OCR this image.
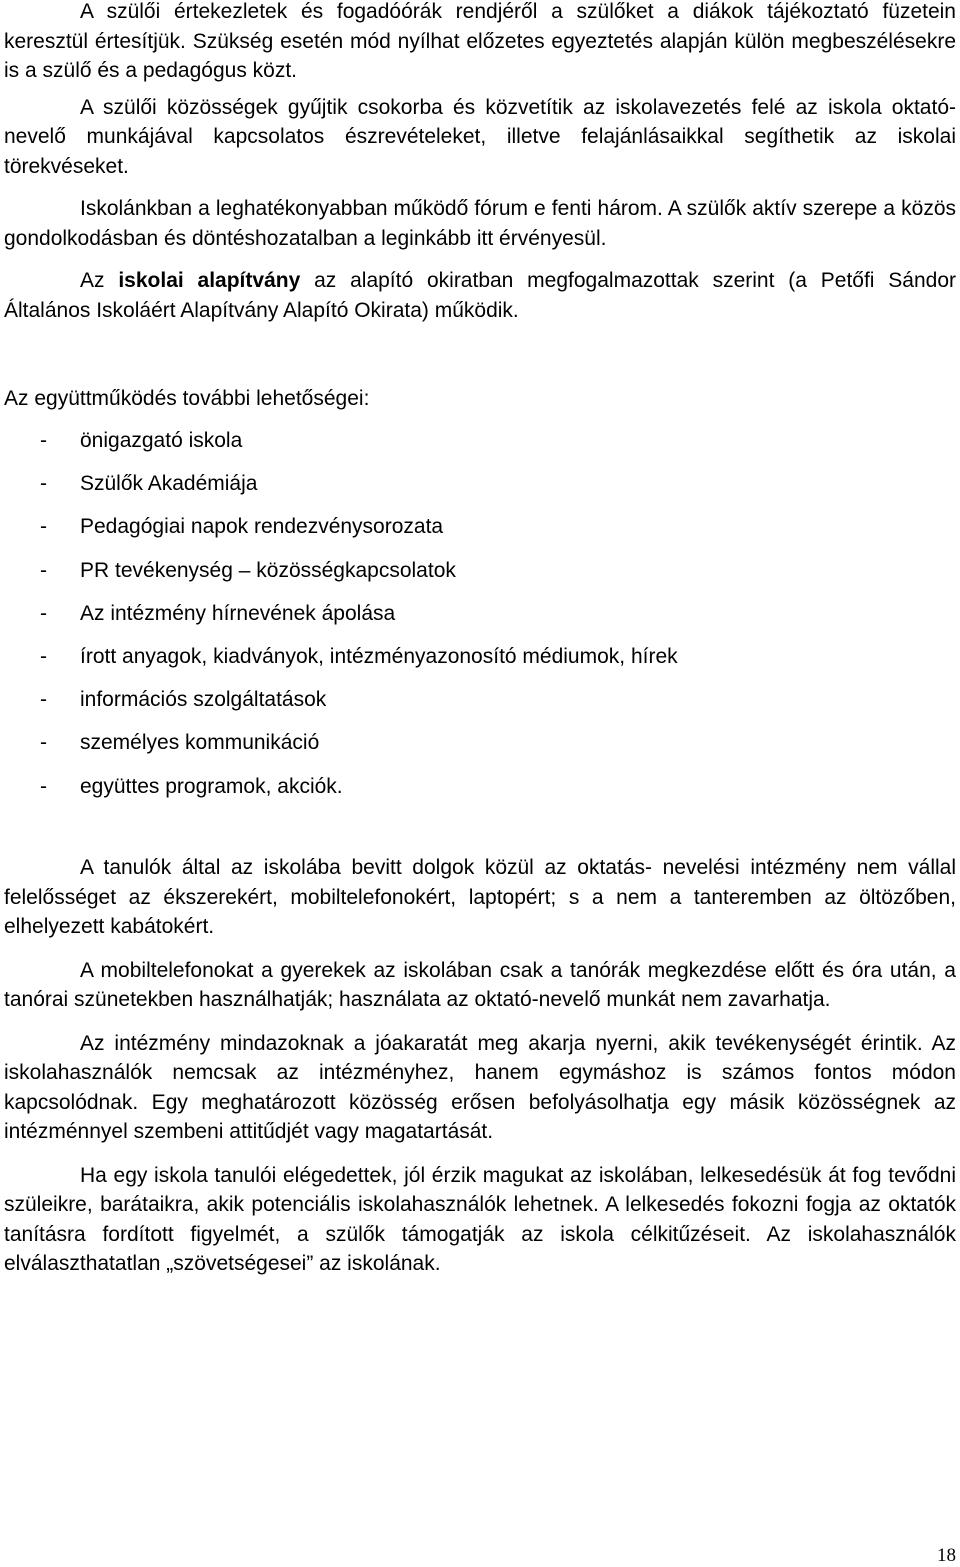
A szülői értekezletek és fogadóórák rendjéről a szülőket a diákok tájékoztató füzetein keresztül értesítjük. Szükség esetén mód nyílhat előzetes egyeztetés alapján külön megbeszélésekre is a szülő és a pedagógus közt.

A szülői közösségek gyűjtik csokorba és közvetítik az iskolavezetés felé az iskola oktató-nevelő munkájával kapcsolatos észrevételeket, illetve felajánlásaikkal segíthetik az iskolai törekvéseket.

Iskolánkban a leghatékonyabban működő fórum e fenti három. A szülők aktív szerepe a közös gondolkodásban és döntéshozatalban a leginkább itt érvényesül.

Az iskolai alapítvány az alapító okiratban megfogalmazottak szerint (a Petőfi Sándor Általános Iskoláért Alapítvány Alapító Okirata) működik.

Az együttműködés további lehetőségei:
- önigazgató iskola
- Szülők Akadémiája
- Pedagógiai napok rendezvénysorozata
- PR tevékenység – közösségkapcsolatok
- Az intézmény hírnevének ápolása
- írott anyagok, kiadványok, intézményazonosító médiumok, hírek
- információs szolgáltatások
- személyes kommunikáció
- együttes programok, akciók.

A tanulók által az iskolába bevitt dolgok közül az oktatás- nevelési intézmény nem vállal felelősséget az ékszerekért, mobiltelefonokért, laptopért; s a nem a tanteremben az öltözőben, elhelyezett kabátokért.

A mobiltelefonokat a gyerekek az iskolában csak a tanórák megkezdése előtt és óra után, a tanórai szünetekben használhatják; használata az oktató-nevelő munkát nem zavarhatja.

Az intézmény mindazoknak a jóakaratát meg akarja nyerni, akik tevékenységét érintik. Az iskolahasználók nemcsak az intézményhez, hanem egymáshoz is számos fontos módon kapcsolódnak. Egy meghatározott közösség erősen befolyásolhatja egy másik közösségnek az intézménnyel szembeni attitűdjét vagy magatartását.

Ha egy iskola tanulói elégedettek, jól érzik magukat az iskolában, lelkesedésük át fog tevődni szüleikre, barátaikra, akik potenciális iskolahasználók lehetnek. A lelkesedés fokozni fogja az oktatók tanításra fordított figyelmét, a szülők támogatják az iskola célkitűzéseit. Az iskolahasználók elválaszthatatlan „szövetségesei” az iskolának.

18
